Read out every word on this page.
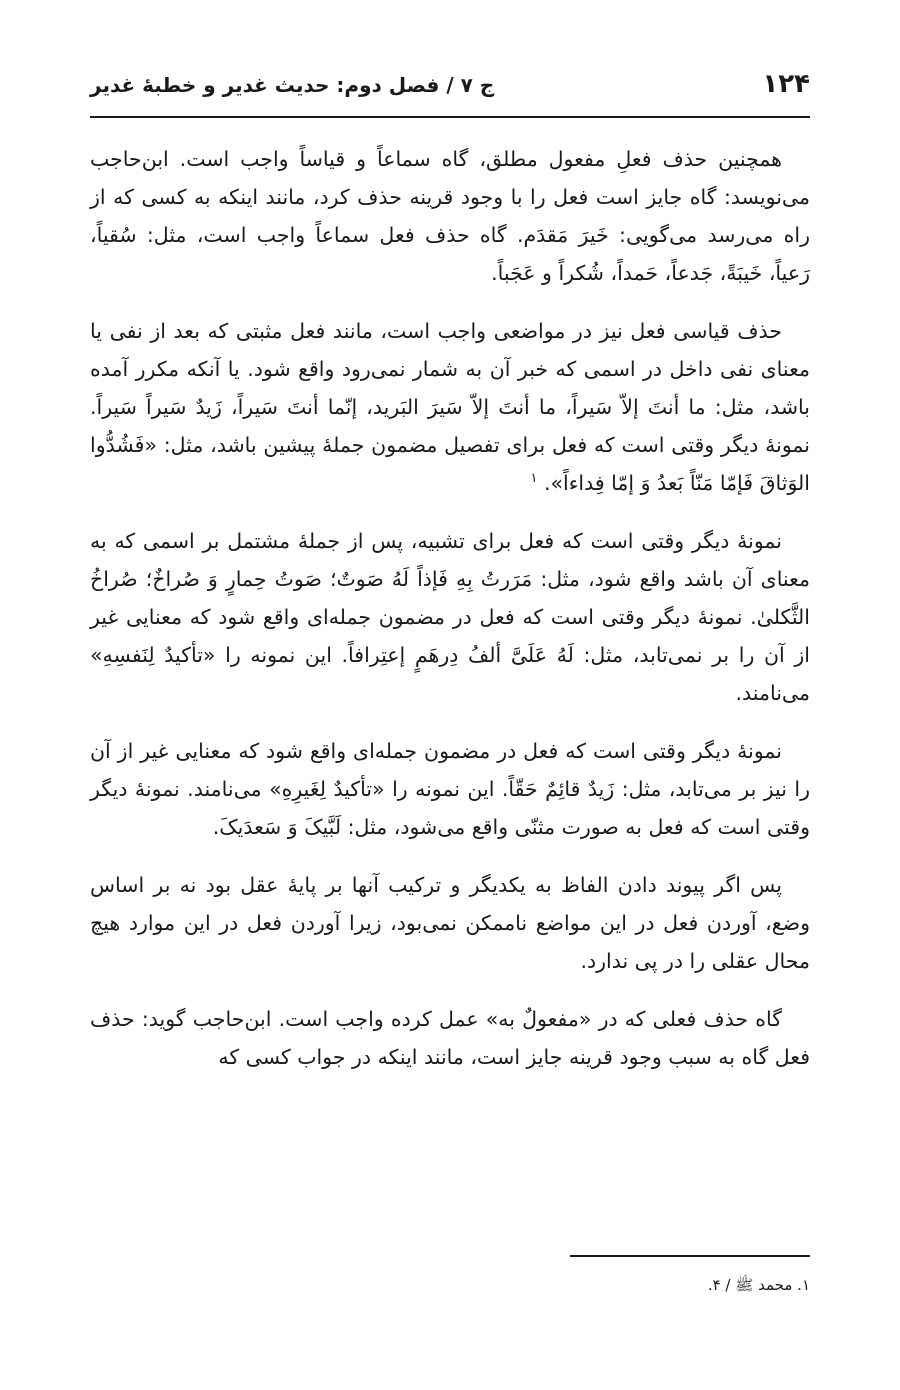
۱۲۴
ج ۷ / فصل دوم: حدیث غدیر و خطبهٔ غدیر

همچنین حذف فعلِ مفعول مطلق، گاه سماعاً و قیاساً واجب است. ابن‌حاجب می‌نویسد: گاه جایز است فعل را با وجود قرینه حذف کرد، مانند اینکه به کسی که از راه می‌رسد می‌گویی: خَیرَ مَقدَم. گاه حذف فعل سماعاً واجب است، مثل: سُقیاً، رَعیاً، خَیبَةً، جَدعاً، حَمداً، شُکراً و عَجَباً.

حذف قیاسی فعل نیز در مواضعی واجب است، مانند فعل مثبتی که بعد از نفی یا معنای نفی داخل در اسمی که خبر آن به شمار نمی‌رود واقع شود. یا آنکه مکرر آمده باشد، مثل: ما أنتَ إلاّ سَیراً، ما أنتَ إلاّ سَیرَ البَرید، إنّما أنتَ سَیراً، زَیدٌ سَیراً سَیراً. نمونهٔ دیگر وقتی است که فعل برای تفصیل مضمون جملهٔ پیشین باشد، مثل: «فَشُدُّوا الوَثاقَ فَإمّا مَنّاً بَعدُ وَ إمّا فِداءاً». $^۱$

نمونهٔ دیگر وقتی است که فعل برای تشبیه، پس از جملهٔ مشتمل بر اسمی که به معنای آن باشد واقع شود، مثل: مَرَرتُ بِهِ فَإذاً لَهُ صَوتٌ؛ صَوتُ حِمارٍ وَ صُراخٌ؛ صُراخُ الثَّکلیٰ. نمونهٔ دیگر وقتی است که فعل در مضمون جمله‌ای واقع شود که معنایی غیر از آن را بر نمی‌تابد، مثل: لَهُ عَلَیَّ ألفُ دِرهَمٍ إعتِرافاً. این نمونه را «تأکیدٌ لِنَفسِهِ» می‌نامند.

نمونهٔ دیگر وقتی است که فعل در مضمون جمله‌ای واقع شود که معنایی غیر از آن را نیز بر می‌تابد، مثل: زَیدٌ قائِمٌ حَقّاً. این نمونه را «تأکیدٌ لِغَیرِهِ» می‌نامند. نمونهٔ دیگر وقتی است که فعل به صورت مثنّی واقع می‌شود، مثل: لَبَّیکَ وَ سَعدَیکَ.

پس اگر پیوند دادن الفاظ به یکدیگر و ترکیب آنها بر پایهٔ عقل بود نه بر اساس وضع، آوردن فعل در این مواضع ناممکن نمی‌بود، زیرا آوردن فعل در این موارد هیچ محال عقلی را در پی ندارد.

گاه حذف فعلی که در «مفعولٌ به» عمل کرده واجب است. ابن‌حاجب گوید: حذف فعل گاه به سبب وجود قرینه جایز است، مانند اینکه در جواب کسی که

۱. محمد ﷺ / ۴.
